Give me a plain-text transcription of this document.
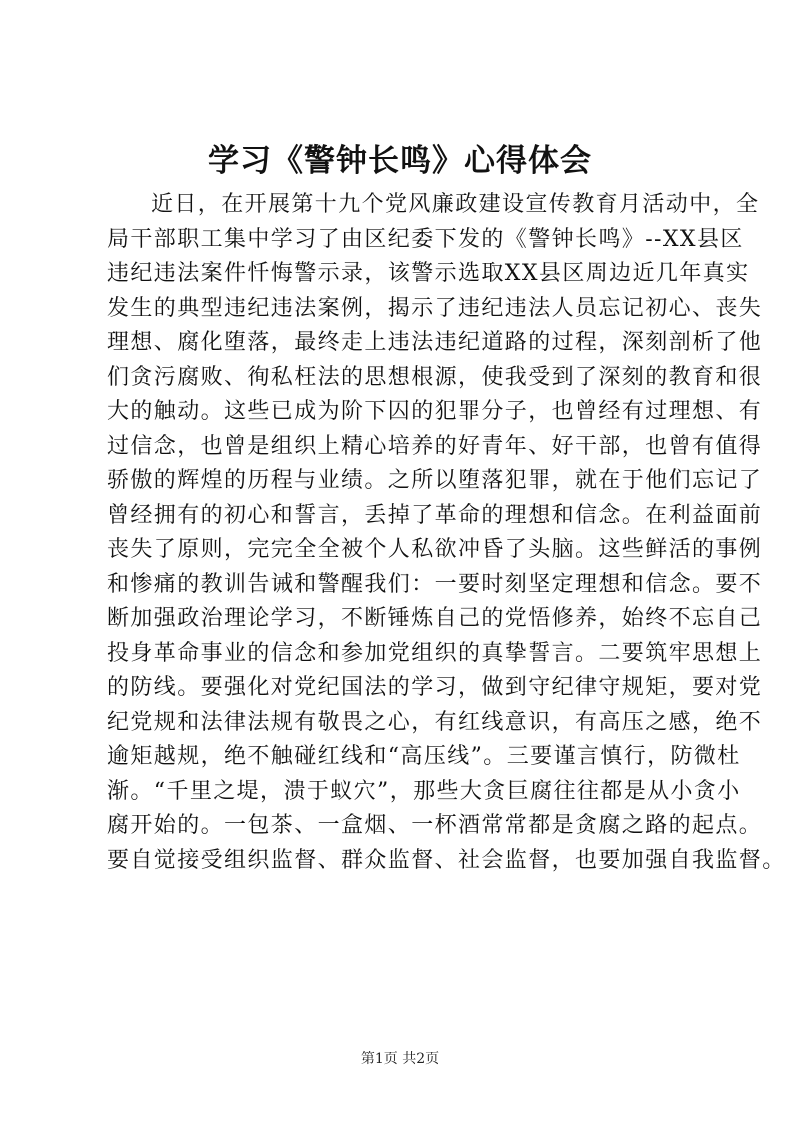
学习《警钟长鸣》心得体会
近日，在开展第十九个党风廉政建设宣传教育月活动中，全
局干部职工集中学习了由区纪委下发的《警钟长鸣》--XX县区
违纪违法案件忏悔警示录，该警示选取XX县区周边近几年真实
发生的典型违纪违法案例，揭示了违纪违法人员忘记初心、丧失
理想、腐化堕落，最终走上违法违纪道路的过程，深刻剖析了他
们贪污腐败、徇私枉法的思想根源，使我受到了深刻的教育和很
大的触动。这些已成为阶下囚的犯罪分子，也曾经有过理想、有
过信念，也曾是组织上精心培养的好青年、好干部，也曾有值得
骄傲的辉煌的历程与业绩。之所以堕落犯罪，就在于他们忘记了
曾经拥有的初心和誓言，丢掉了革命的理想和信念。在利益面前
丧失了原则，完完全全被个人私欲冲昏了头脑。这些鲜活的事例
和惨痛的教训告诫和警醒我们：一要时刻坚定理想和信念。要不
断加强政治理论学习，不断锤炼自己的党悟修养，始终不忘自己
投身革命事业的信念和参加党组织的真挚誓言。二要筑牢思想上
的防线。要强化对党纪国法的学习，做到守纪律守规矩，要对党
纪党规和法律法规有敬畏之心，有红线意识，有高压之感，绝不
逾矩越规，绝不触碰红线和“高压线”。三要谨言慎行，防微杜
渐。“千里之堤，溃于蚁穴”，那些大贪巨腐往往都是从小贪小
腐开始的。一包茶、一盒烟、一杯酒常常都是贪腐之路的起点。
要自觉接受组织监督、群众监督、社会监督，也要加强自我监督。
第1页 共2页
